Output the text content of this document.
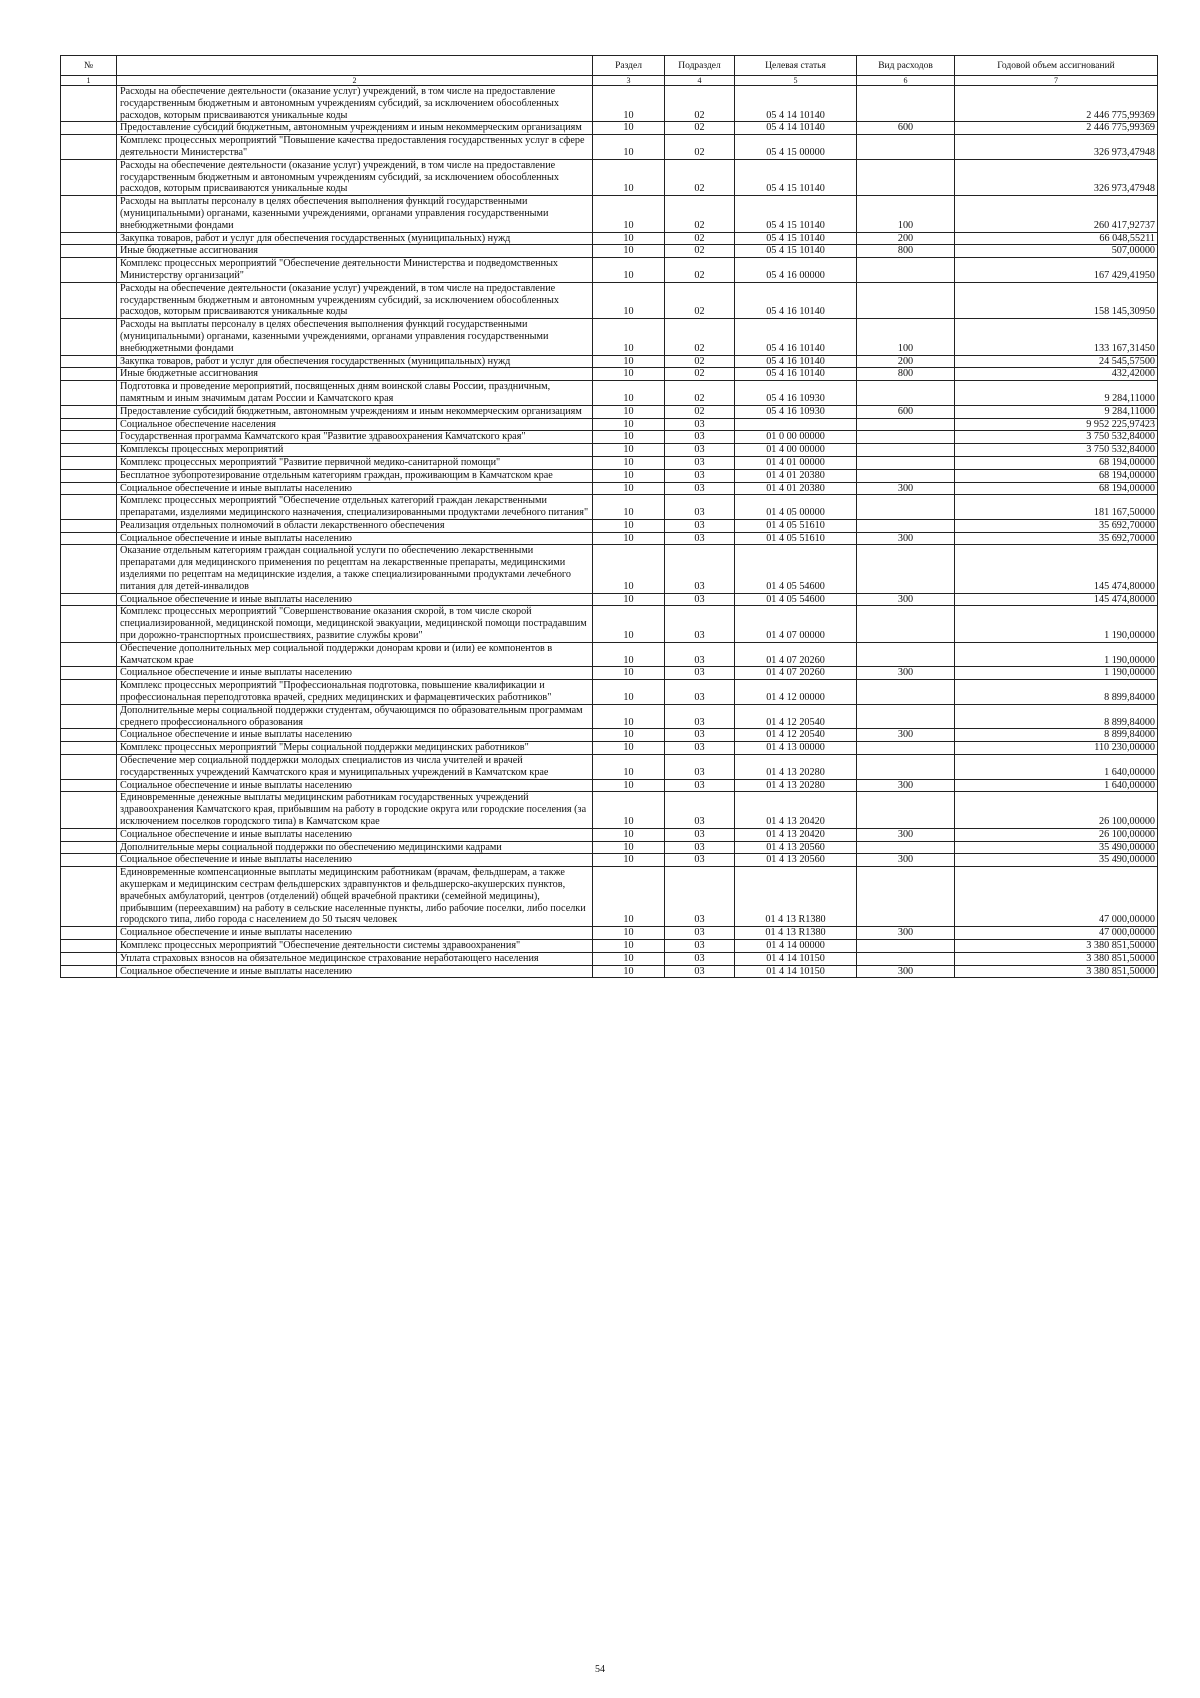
№		Раздел	Подраздел	Целевая статья	Вид расходов	Годовой объем ассигнований
1	2	3	4	5	6	7
	Расходы на обеспечение деятельности (оказание услуг) учреждений, в том числе на предоставление государственным бюджетным и автономным учреждениям субсидий, за исключением обособленных расходов, которым присваиваются уникальные коды	10	02	05 4 14 10140		2 446 775,99369
	Предоставление субсидий бюджетным, автономным учреждениям и иным некоммерческим организациям	10	02	05 4 14 10140	600	2 446 775,99369
	Комплекс процессных мероприятий "Повышение качества предоставления государственных услуг в сфере деятельности Министерства"	10	02	05 4 15 00000		326 973,47948
	Расходы на обеспечение деятельности (оказание услуг) учреждений, в том числе на предоставление государственным бюджетным и автономным учреждениям субсидий, за исключением обособленных расходов, которым присваиваются уникальные коды	10	02	05 4 15 10140		326 973,47948
	Расходы на выплаты персоналу в целях обеспечения выполнения функций государственными (муниципальными) органами, казенными учреждениями, органами управления государственными внебюджетными фондами	10	02	05 4 15 10140	100	260 417,92737
	Закупка товаров, работ и услуг для обеспечения государственных (муниципальных) нужд	10	02	05 4 15 10140	200	66 048,55211
	Иные бюджетные ассигнования	10	02	05 4 15 10140	800	507,00000
	Комплекс процессных мероприятий "Обеспечение деятельности Министерства и подведомственных Министерству организаций"	10	02	05 4 16 00000		167 429,41950
	Расходы на обеспечение деятельности (оказание услуг) учреждений, в том числе на предоставление государственным бюджетным и автономным учреждениям субсидий, за исключением обособленных расходов, которым присваиваются уникальные коды	10	02	05 4 16 10140		158 145,30950
	Расходы на выплаты персоналу в целях обеспечения выполнения функций государственными (муниципальными) органами, казенными учреждениями, органами управления государственными внебюджетными фондами	10	02	05 4 16 10140	100	133 167,31450
	Закупка товаров, работ и услуг для обеспечения государственных (муниципальных) нужд	10	02	05 4 16 10140	200	24 545,57500
	Иные бюджетные ассигнования	10	02	05 4 16 10140	800	432,42000
	Подготовка и проведение мероприятий, посвященных дням воинской славы России, праздничным, памятным и иным значимым датам России и Камчатского края	10	02	05 4 16 10930		9 284,11000
	Предоставление субсидий бюджетным, автономным учреждениям и иным некоммерческим организациям	10	02	05 4 16 10930	600	9 284,11000
	Социальное обеспечение населения	10	03			9 952 225,97423
	Государственная программа Камчатского края "Развитие здравоохранения Камчатского края"	10	03	01 0 00 00000		3 750 532,84000
	Комплексы процессных мероприятий	10	03	01 4 00 00000		3 750 532,84000
	Комплекс процессных мероприятий "Развитие первичной медико-санитарной помощи"	10	03	01 4 01 00000		68 194,00000
	Бесплатное зубопротезирование отдельным категориям граждан, проживающим в Камчатском крае	10	03	01 4 01 20380		68 194,00000
	Социальное обеспечение и иные выплаты населению	10	03	01 4 01 20380	300	68 194,00000
	Комплекс процессных мероприятий "Обеспечение отдельных категорий граждан лекарственными препаратами, изделиями медицинского назначения, специализированными продуктами лечебного питания"	10	03	01 4 05 00000		181 167,50000
	Реализация отдельных полномочий в области лекарственного обеспечения	10	03	01 4 05 51610		35 692,70000
	Социальное обеспечение и иные выплаты населению	10	03	01 4 05 51610	300	35 692,70000
	Оказание отдельным категориям граждан социальной услуги по обеспечению лекарственными препаратами для медицинского применения по рецептам на лекарственные препараты, медицинскими изделиями по рецептам на медицинские изделия, а также специализированными продуктами лечебного питания для детей-инвалидов	10	03	01 4 05 54600		145 474,80000
	Социальное обеспечение и иные выплаты населению	10	03	01 4 05 54600	300	145 474,80000
	Комплекс процессных мероприятий "Совершенствование оказания скорой, в том числе скорой специализированной, медицинской помощи, медицинской эвакуации, медицинской помощи пострадавшим при дорожно-транспортных происшествиях, развитие службы крови"	10	03	01 4 07 00000		1 190,00000
	Обеспечение дополнительных мер социальной поддержки донорам крови и (или) ее компонентов в Камчатском крае	10	03	01 4 07 20260		1 190,00000
	Социальное обеспечение и иные выплаты населению	10	03	01 4 07 20260	300	1 190,00000
	Комплекс процессных мероприятий "Профессиональная подготовка, повышение квалификации и профессиональная переподготовка врачей, средних медицинских и фармацевтических работников"	10	03	01 4 12 00000		8 899,84000
	Дополнительные меры социальной поддержки студентам, обучающимся по образовательным программам среднего профессионального образования	10	03	01 4 12 20540		8 899,84000
	Социальное обеспечение и иные выплаты населению	10	03	01 4 12 20540	300	8 899,84000
	Комплекс процессных мероприятий "Меры социальной поддержки медицинских работников"	10	03	01 4 13 00000		110 230,00000
	Обеспечение мер социальной поддержки молодых специалистов из числа учителей и врачей государственных учреждений Камчатского края и муниципальных учреждений в Камчатском крае	10	03	01 4 13 20280		1 640,00000
	Социальное обеспечение и иные выплаты населению	10	03	01 4 13 20280	300	1 640,00000
	Единовременные денежные выплаты медицинским работникам государственных учреждений здравоохранения Камчатского края, прибывшим на работу в городские округа или городские поселения (за исключением поселков городского типа) в Камчатском крае	10	03	01 4 13 20420		26 100,00000
	Социальное обеспечение и иные выплаты населению	10	03	01 4 13 20420	300	26 100,00000
	Дополнительные меры социальной поддержки по обеспечению медицинскими кадрами	10	03	01 4 13 20560		35 490,00000
	Социальное обеспечение и иные выплаты населению	10	03	01 4 13 20560	300	35 490,00000
	Единовременные компенсационные выплаты медицинским работникам (врачам, фельдшерам, а также акушеркам и медицинским сестрам фельдшерских здравпунктов и фельдшерско-акушерских пунктов, врачебных амбулаторий, центров (отделений) общей врачебной практики (семейной медицины), прибывшим (переехавшим) на работу в сельские населенные пункты, либо рабочие поселки, либо поселки городского типа, либо города с населением до 50 тысяч человек	10	03	01 4 13 R1380		47 000,00000
	Социальное обеспечение и иные выплаты населению	10	03	01 4 13 R1380	300	47 000,00000
	Комплекс процессных мероприятий "Обеспечение деятельности системы здравоохранения"	10	03	01 4 14 00000		3 380 851,50000
	Уплата страховых взносов на обязательное медицинское страхование неработающего населения	10	03	01 4 14 10150		3 380 851,50000
	Социальное обеспечение и иные выплаты населению	10	03	01 4 14 10150	300	3 380 851,50000
54
